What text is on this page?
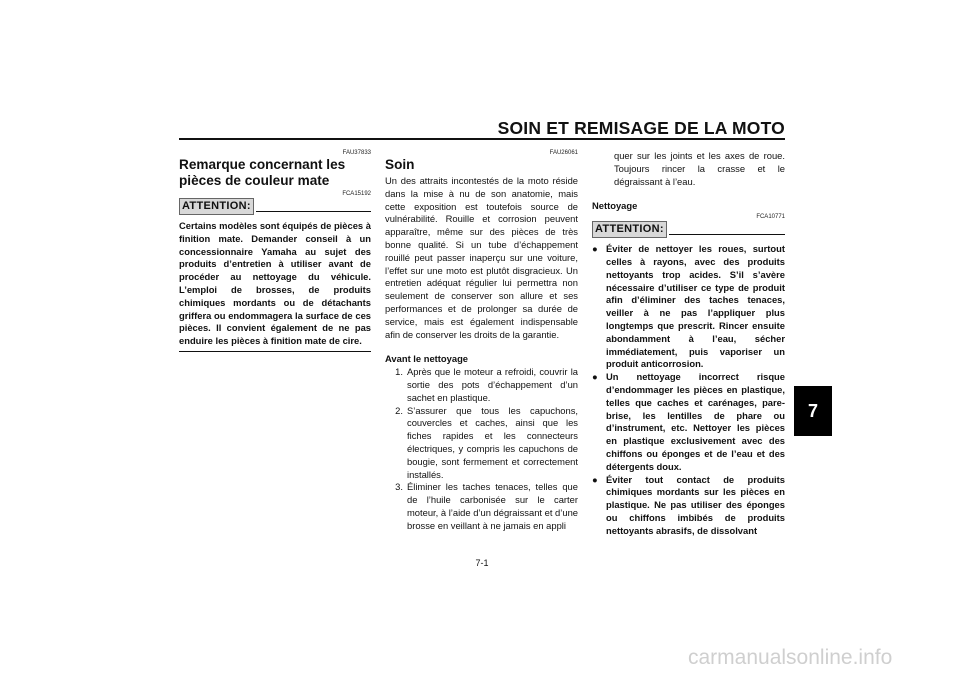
SOIN ET REMISAGE DE LA MOTO
7
FAU37833
Remarque concernant les pièces de couleur mate
FCA15192
ATTENTION:
Certains modèles sont équipés de pièces à finition mate. Demander conseil à un concessionnaire Yamaha au sujet des produits d’entretien à utiliser avant de procéder au nettoyage du véhicule. L’emploi de brosses, de produits chimiques mordants ou de détachants griffera ou endommagera la surface de ces pièces. Il convient également de ne pas enduire les pièces à finition mate de cire.
FAU26061
Soin
Un des attraits incontestés de la moto réside dans la mise à nu de son anatomie, mais cette exposition est toutefois source de vulnérabilité. Rouille et corrosion peuvent apparaître, même sur des pièces de très bonne qualité. Si un tube d’échappement rouillé peut passer inaperçu sur une voiture, l’effet sur une moto est plutôt disgracieux. Un entretien adéquat régulier lui permettra non seulement de conserver son allure et ses performances et de prolonger sa durée de service, mais est également indispensable afin de conserver les droits de la garantie.
Avant le nettoyage
1. Après que le moteur a refroidi, couvrir la sortie des pots d’échappement d’un sachet en plastique.
2. S’assurer que tous les capuchons, couvercles et caches, ainsi que les fiches rapides et les connecteurs électriques, y compris les capuchons de bougie, sont fermement et correctement installés.
3. Éliminer les taches tenaces, telles que de l’huile carbonisée sur le carter moteur, à l’aide d’un dégraissant et d’une brosse en veillant à ne jamais en appli
quer sur les joints et les axes de roue. Toujours rincer la crasse et le dégraissant à l’eau.
Nettoyage
FCA10771
ATTENTION:
● Éviter de nettoyer les roues, surtout celles à rayons, avec des produits nettoyants trop acides. S’il s’avère nécessaire d’utiliser ce type de produit afin d’éliminer des taches tenaces, veiller à ne pas l’appliquer plus longtemps que prescrit. Rincer ensuite abondamment à l’eau, sécher immédiatement, puis vaporiser un produit anticorrosion.
● Un nettoyage incorrect risque d’endommager les pièces en plastique, telles que caches et carénages, pare-brise, les lentilles de phare ou d’instrument, etc. Nettoyer les pièces en plastique exclusivement avec des chiffons ou éponges et de l’eau et des détergents doux.
● Éviter tout contact de produits chimiques mordants sur les pièces en plastique. Ne pas utiliser des éponges ou chiffons imbibés de produits nettoyants abrasifs, de dissolvant
7-1
carmanualsonline.info
